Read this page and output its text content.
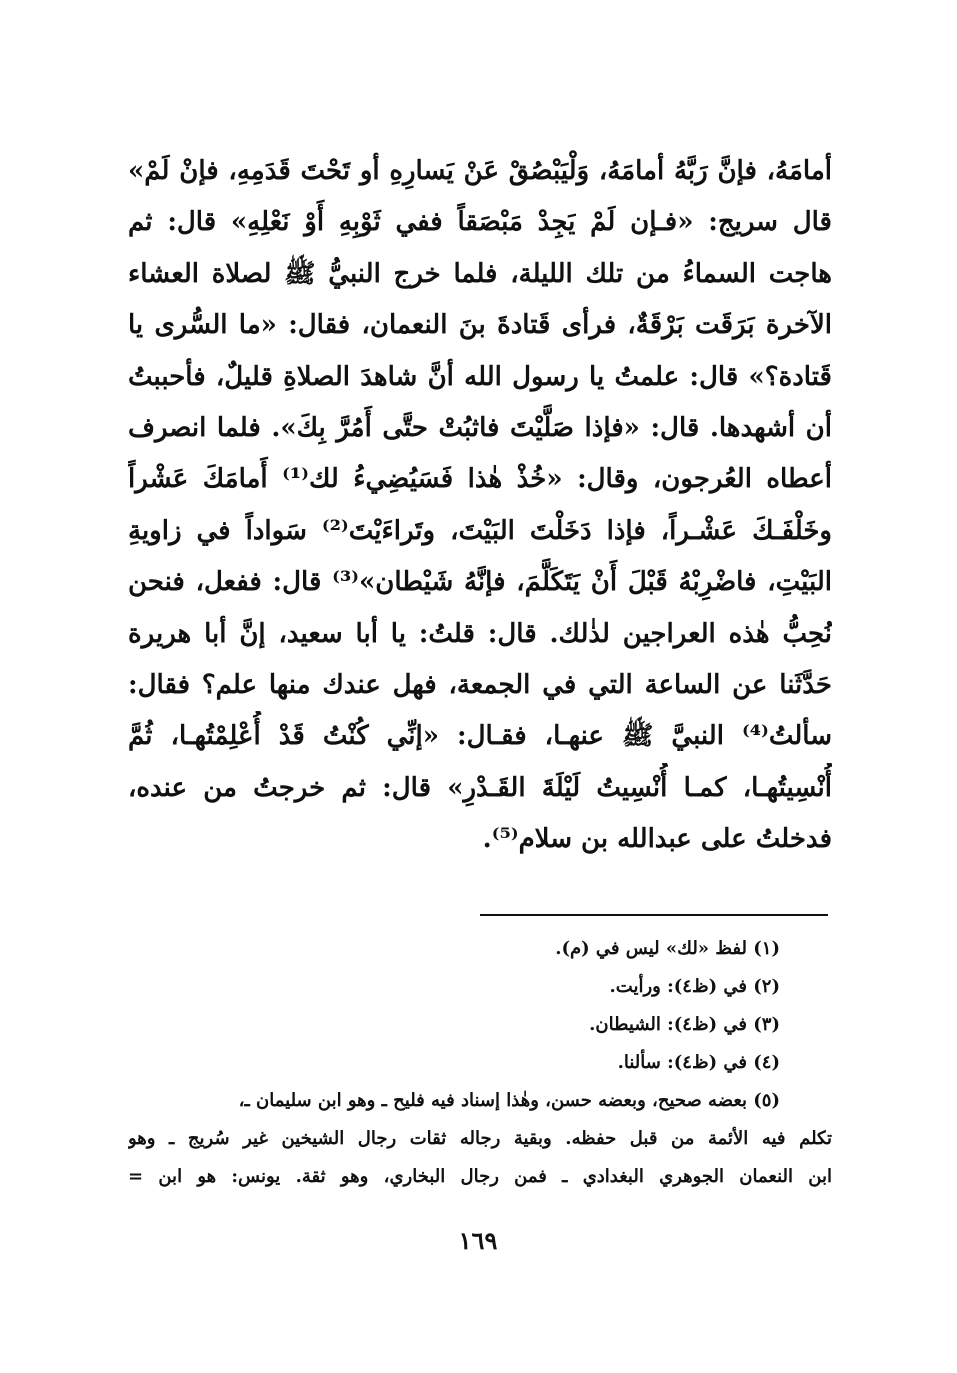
أمامَهُ، فإنَّ رَبَّهُ أمامَهُ، وَلْيَبْصُقْ عَنْ يَسارِهِ أو تَحْتَ قَدَمِهِ، فإنْ لَمْ»
قال سريج: «فـإن لَمْ يَجِدْ مَبْصَقاً ففي ثَوْبِهِ أَوْ نَعْلِهِ» قال: ثم
هاجت السماءُ من تلك الليلة، فلما خرج النبيُّ ﷺ لصلاة العشاء
الآخرة بَرَقَت بَرْقَةٌ، فرأى قَتادةَ بنَ النعمان، فقال: «ما السُّرى يا
قَتادة؟» قال: علمتُ يا رسول الله أنَّ شاهدَ الصلاةِ قليلٌ، فأحببتُ
أن أشهدها. قال: «فإذا صَلَّيْتَ فاثبُتْ حتَّى أَمُرَّ بِكَ». فلما انصرف
أعطاه العُرجون، وقال: «خُذْ هٰذا فَسَيُضِيءُ لك⁽¹⁾ أَمامَكَ عَشْراً
وخَلْفَـكَ عَشْـراً، فإذا دَخَلْتَ البَيْتَ، وتَراءَيْتَ⁽²⁾ سَواداً في زاويةِ
البَيْتِ، فاضْرِبْهُ قَبْلَ أَنْ يَتَكَلَّمَ، فإنَّهُ شَيْطان»⁽³⁾ قال: ففعل، فنحن
نُحِبُّ هٰذه العراجين لذٰلك. قال: قلتُ: يا أبا سعيد، إنَّ أبا هريرة
حَدَّثَنا عن الساعة التي في الجمعة، فهل عندك منها علم؟ فقال:
سألتُ⁽⁴⁾ النبيَّ ﷺ عنهـا، فقـال: «إنِّي كُنْتُ قَدْ أُعْلِمْتُهـا، ثُمَّ
أُنْسِيتُهـا، كمـا أُنْسِيتُ لَيْلَةَ القَـدْرِ» قال: ثم خرجتُ من عنده،
فدخلتُ على عبدالله بن سلام⁽⁵⁾.
(١) لفظ «لك» ليس في (م).
(٢) في (ظ٤): ورأيت.
(٣) في (ظ٤): الشيطان.
(٤) في (ظ٤): سألنا.
(٥) بعضه صحيح، وبعضه حسن، وهٰذا إسناد فيه فليح ـ وهو ابن سليمان ـ،
تكلم فيه الأئمة من قبل حفظه. وبقية رجاله ثقات رجال الشيخين غير سُريج ـ وهو
ابن النعمان الجوهري البغدادي ـ فمن رجال البخاري، وهو ثقة. يونس: هو ابن =
١٦٩
